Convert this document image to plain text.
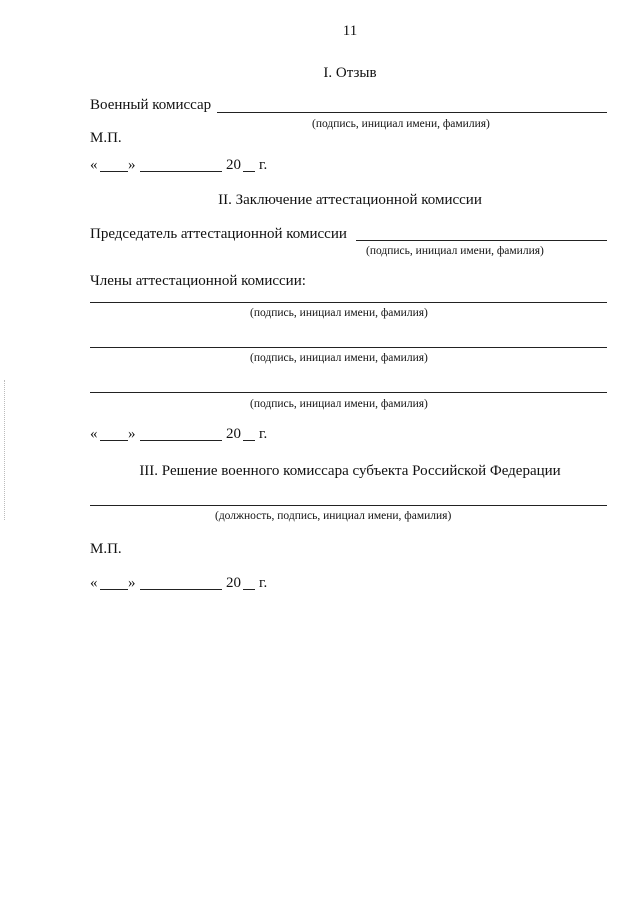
11
I. Отзыв
Военный комиссар
(подпись, инициал имени, фамилия)
М.П.
« »	20 г.
II. Заключение аттестационной комиссии
Председатель аттестационной комиссии
(подпись, инициал имени, фамилия)
Члены аттестационной комиссии:
(подпись, инициал имени, фамилия)
(подпись, инициал имени, фамилия)
(подпись, инициал имени, фамилия)
« »	20 г.
III. Решение военного комиссара субъекта Российской Федерации
(должность, подпись, инициал имени, фамилия)
М.П.
« »	20 г.
